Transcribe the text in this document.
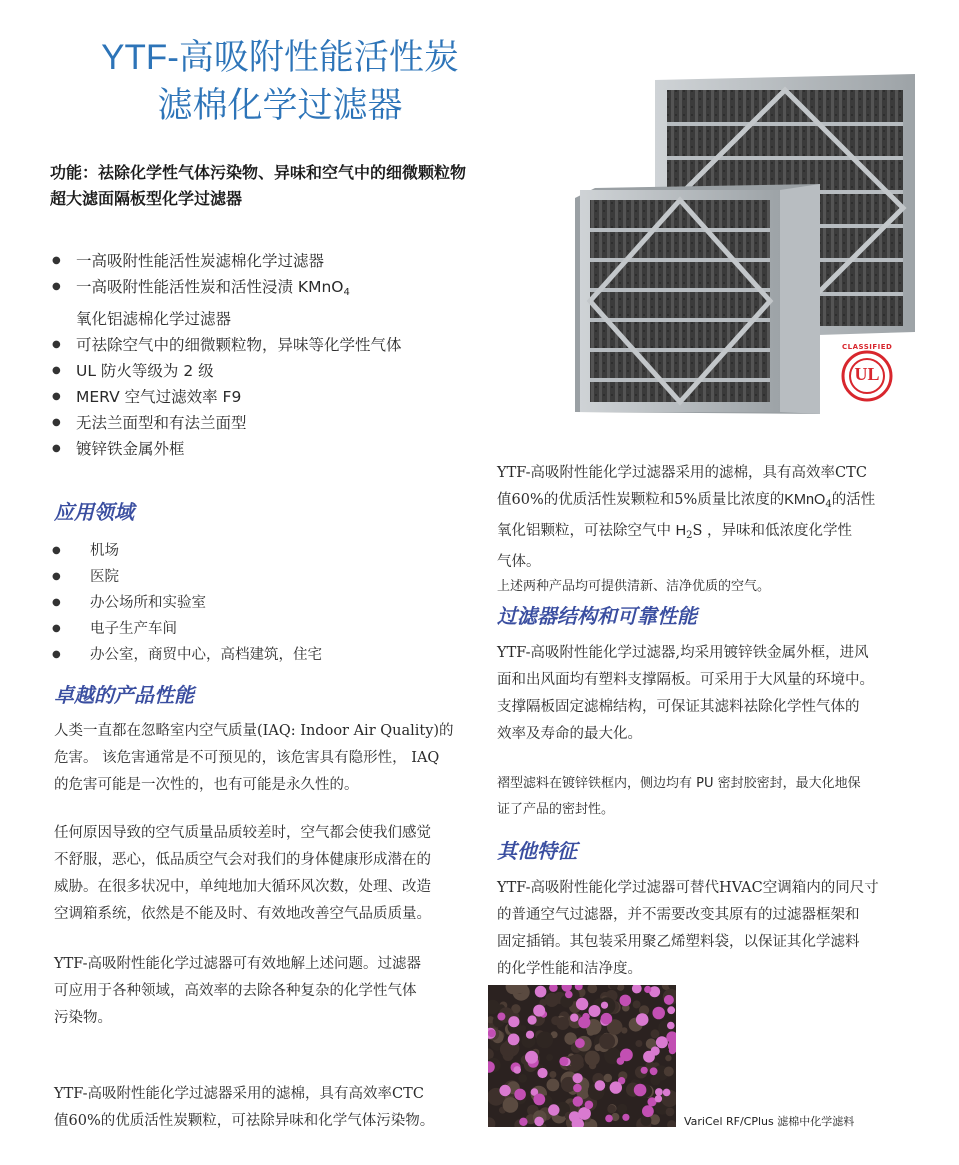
YTF-高吸附性能活性炭
滤棉化学过滤器
功能：祛除化学性气体污染物、异味和空气中的细微颗粒物
超大滤面隔板型化学过滤器
CLASSIFIED
UL
● 一高吸附性能活性炭滤棉化学过滤器
● 一高吸附性能活性炭和活性浸渍 KMnO$_4$
氧化铝滤棉化学过滤器
● 可祛除空气中的细微颗粒物，异味等化学性气体
● UL 防火等级为 2 级
● MERV 空气过滤效率 F9
● 无法兰面型和有法兰面型
● 镀锌铁金属外框
应用领域
● 机场
● 医院
● 办公场所和实验室
● 电子生产车间
● 办公室，商贸中心，高档建筑，住宅
卓越的产品性能
人类一直都在忽略室内空气质量(IAQ: Indoor Air Quality)的
危害。 该危害通常是不可预见的，该危害具有隐形性， IAQ
的危害可能是一次性的，也有可能是永久性的。
任何原因导致的空气质量品质较差时，空气都会使我们感觉
不舒服，恶心，低品质空气会对我们的身体健康形成潜在的
威胁。在很多状况中，单纯地加大循环风次数，处理、改造
空调箱系统，依然是不能及时、有效地改善空气品质质量。
YTF-高吸附性能化学过滤器可有效地解上述问题。过滤器
可应用于各种领域，高效率的去除各种复杂的化学性气体
污染物。
YTF-高吸附性能化学过滤器采用的滤棉，具有高效率CTC
值60%的优质活性炭颗粒，可祛除异味和化学气体污染物。
YTF-高吸附性能化学过滤器采用的滤棉，具有高效率CTC
值60%的优质活性炭颗粒和5%质量比浓度的KMnO$_4$的活性
氧化铝颗粒，可祛除空气中 $H_2S$ ，异味和低浓度化学性
气体。
上述两种产品均可提供清新、洁净优质的空气。
过滤器结构和可靠性能
YTF-高吸附性能化学过滤器,均采用镀锌铁金属外框，进风
面和出风面均有塑料支撑隔板。可采用于大风量的环境中。
支撑隔板固定滤棉结构，可保证其滤料祛除化学性气体的
效率及寿命的最大化。
褶型滤料在镀锌铁框内，侧边均有 PU 密封胶密封，最大化地保
证了产品的密封性。
其他特征
YTF-高吸附性能化学过滤器可替代HVAC空调箱内的同尺寸
的普通空气过滤器，并不需要改变其原有的过滤器框架和
固定插销。其包装采用聚乙烯塑料袋，以保证其化学滤料
的化学性能和洁净度。
VariCel RF/CPlus 滤棉中化学滤料
